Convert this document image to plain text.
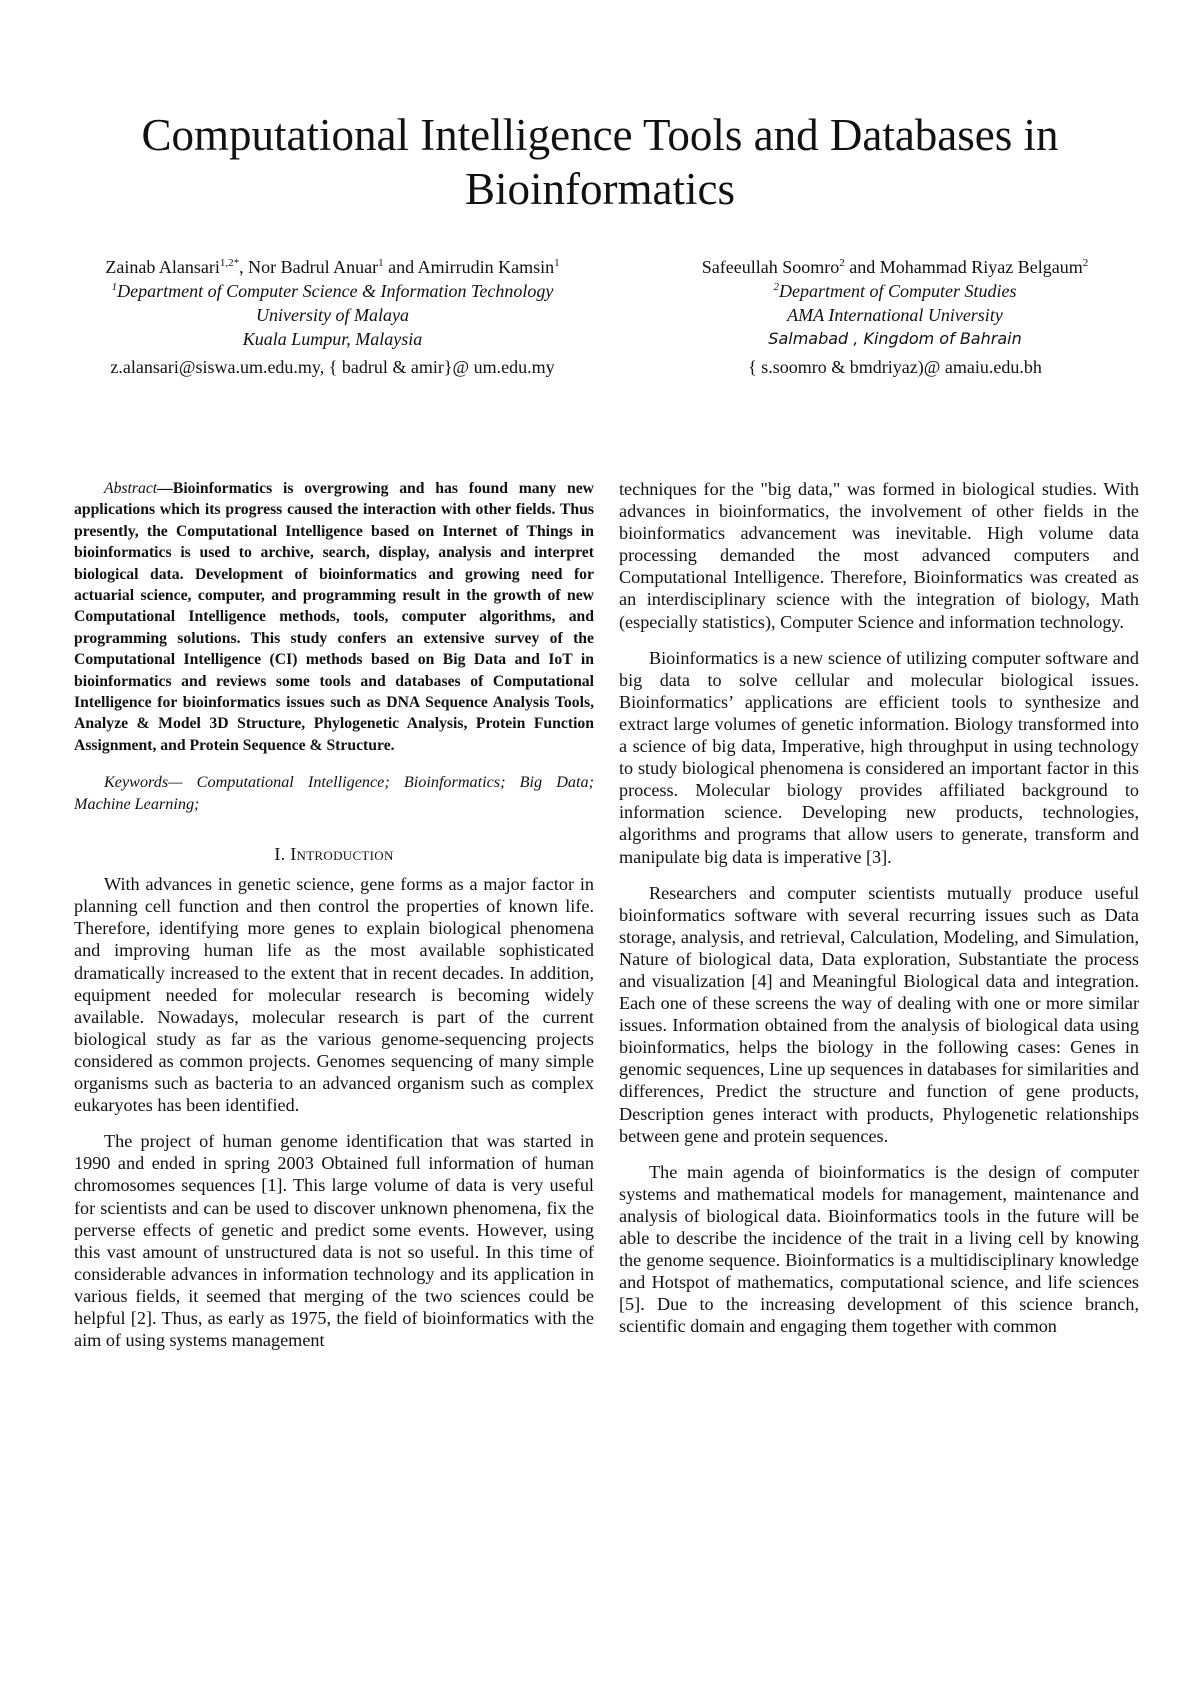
Computational Intelligence Tools and Databases in Bioinformatics

Zainab Alansari$^{1,2*}$, Nor Badrul Anuar$^1$ and Amirrudin Kamsin$^1$

$^1$Department of Computer Science & Information Technology

University of Malaya

Kuala Lumpur, Malaysia

z.alansari@siswa.um.edu.my, { badrul & amir}@ um.edu.my

Safeeullah Soomro$^2$ and Mohammad Riyaz Belgaum$^2$

$^2$Department of Computer Studies

AMA International University

Salmabad , Kingdom of Bahrain

{ s.soomro & bmdriyaz)@ amaiu.edu.bh

Abstract—Bioinformatics is overgrowing and has found many new applications which its progress caused the interaction with other fields. Thus presently, the Computational Intelligence based on Internet of Things in bioinformatics is used to archive, search, display, analysis and interpret biological data. Development of bioinformatics and growing need for actuarial science, computer, and programming result in the growth of new Computational Intelligence methods, tools, computer algorithms, and programming solutions. This study confers an extensive survey of the Computational Intelligence (CI) methods based on Big Data and IoT in bioinformatics and reviews some tools and databases of Computational Intelligence for bioinformatics issues such as DNA Sequence Analysis Tools, Analyze & Model 3D Structure, Phylogenetic Analysis, Protein Function Assignment, and Protein Sequence & Structure.

Keywords— Computational Intelligence; Bioinformatics; Big Data; Machine Learning;

I. Introduction

With advances in genetic science, gene forms as a major factor in planning cell function and then control the properties of known life. Therefore, identifying more genes to explain biological phenomena and improving human life as the most available sophisticated dramatically increased to the extent that in recent decades. In addition, equipment needed for molecular research is becoming widely available. Nowadays, molecular research is part of the current biological study as far as the various genome-sequencing projects considered as common projects. Genomes sequencing of many simple organisms such as bacteria to an advanced organism such as complex eukaryotes has been identified.

The project of human genome identification that was started in 1990 and ended in spring 2003 Obtained full information of human chromosomes sequences [1]. This large volume of data is very useful for scientists and can be used to discover unknown phenomena, fix the perverse effects of genetic and predict some events. However, using this vast amount of unstructured data is not so useful. In this time of considerable advances in information technology and its application in various fields, it seemed that merging of the two sciences could be helpful [2]. Thus, as early as 1975, the field of bioinformatics with the aim of using systems management

techniques for the "big data," was formed in biological studies. With advances in bioinformatics, the involvement of other fields in the bioinformatics advancement was inevitable. High volume data processing demanded the most advanced computers and Computational Intelligence. Therefore, Bioinformatics was created as an interdisciplinary science with the integration of biology, Math (especially statistics), Computer Science and information technology.

Bioinformatics is a new science of utilizing computer software and big data to solve cellular and molecular biological issues. Bioinformatics’ applications are efficient tools to synthesize and extract large volumes of genetic information. Biology transformed into a science of big data, Imperative, high throughput in using technology to study biological phenomena is considered an important factor in this process. Molecular biology provides affiliated background to information science. Developing new products, technologies, algorithms and programs that allow users to generate, transform and manipulate big data is imperative [3].

Researchers and computer scientists mutually produce useful bioinformatics software with several recurring issues such as Data storage, analysis, and retrieval, Calculation, Modeling, and Simulation, Nature of biological data, Data exploration, Substantiate the process and visualization [4] and Meaningful Biological data and integration. Each one of these screens the way of dealing with one or more similar issues. Information obtained from the analysis of biological data using bioinformatics, helps the biology in the following cases: Genes in genomic sequences, Line up sequences in databases for similarities and differences, Predict the structure and function of gene products, Description genes interact with products, Phylogenetic relationships between gene and protein sequences.

The main agenda of bioinformatics is the design of computer systems and mathematical models for management, maintenance and analysis of biological data. Bioinformatics tools in the future will be able to describe the incidence of the trait in a living cell by knowing the genome sequence. Bioinformatics is a multidisciplinary knowledge and Hotspot of mathematics, computational science, and life sciences [5]. Due to the increasing development of this science branch, scientific domain and engaging them together with common
